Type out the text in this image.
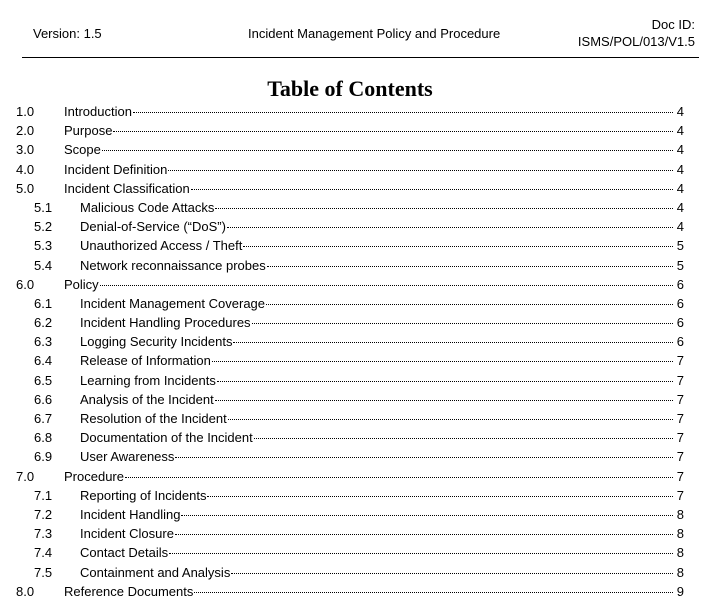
Version: 1.5	Incident Management Policy and Procedure
Doc ID:
ISMS/POL/013/V1.5
Table of Contents
1.0	Introduction	4
2.0	Purpose	4
3.0	Scope	4
4.0	Incident Definition	4
5.0	Incident Classification	4
5.1	Malicious Code Attacks	4
5.2	Denial-of-Service (“DoS”)	4
5.3	Unauthorized Access / Theft	5
5.4	Network reconnaissance probes	5
6.0	Policy	6
6.1	Incident Management Coverage	6
6.2	Incident Handling Procedures	6
6.3	Logging Security Incidents	6
6.4	Release of Information	7
6.5	Learning from Incidents	7
6.6	Analysis of the Incident	7
6.7	Resolution of the Incident	7
6.8	Documentation of the Incident	7
6.9	User Awareness	7
7.0	Procedure	7
7.1	Reporting of Incidents	7
7.2	Incident Handling	8
7.3	Incident Closure	8
7.4	Contact Details	8
7.5	Containment and Analysis	8
8.0	Reference Documents	9
